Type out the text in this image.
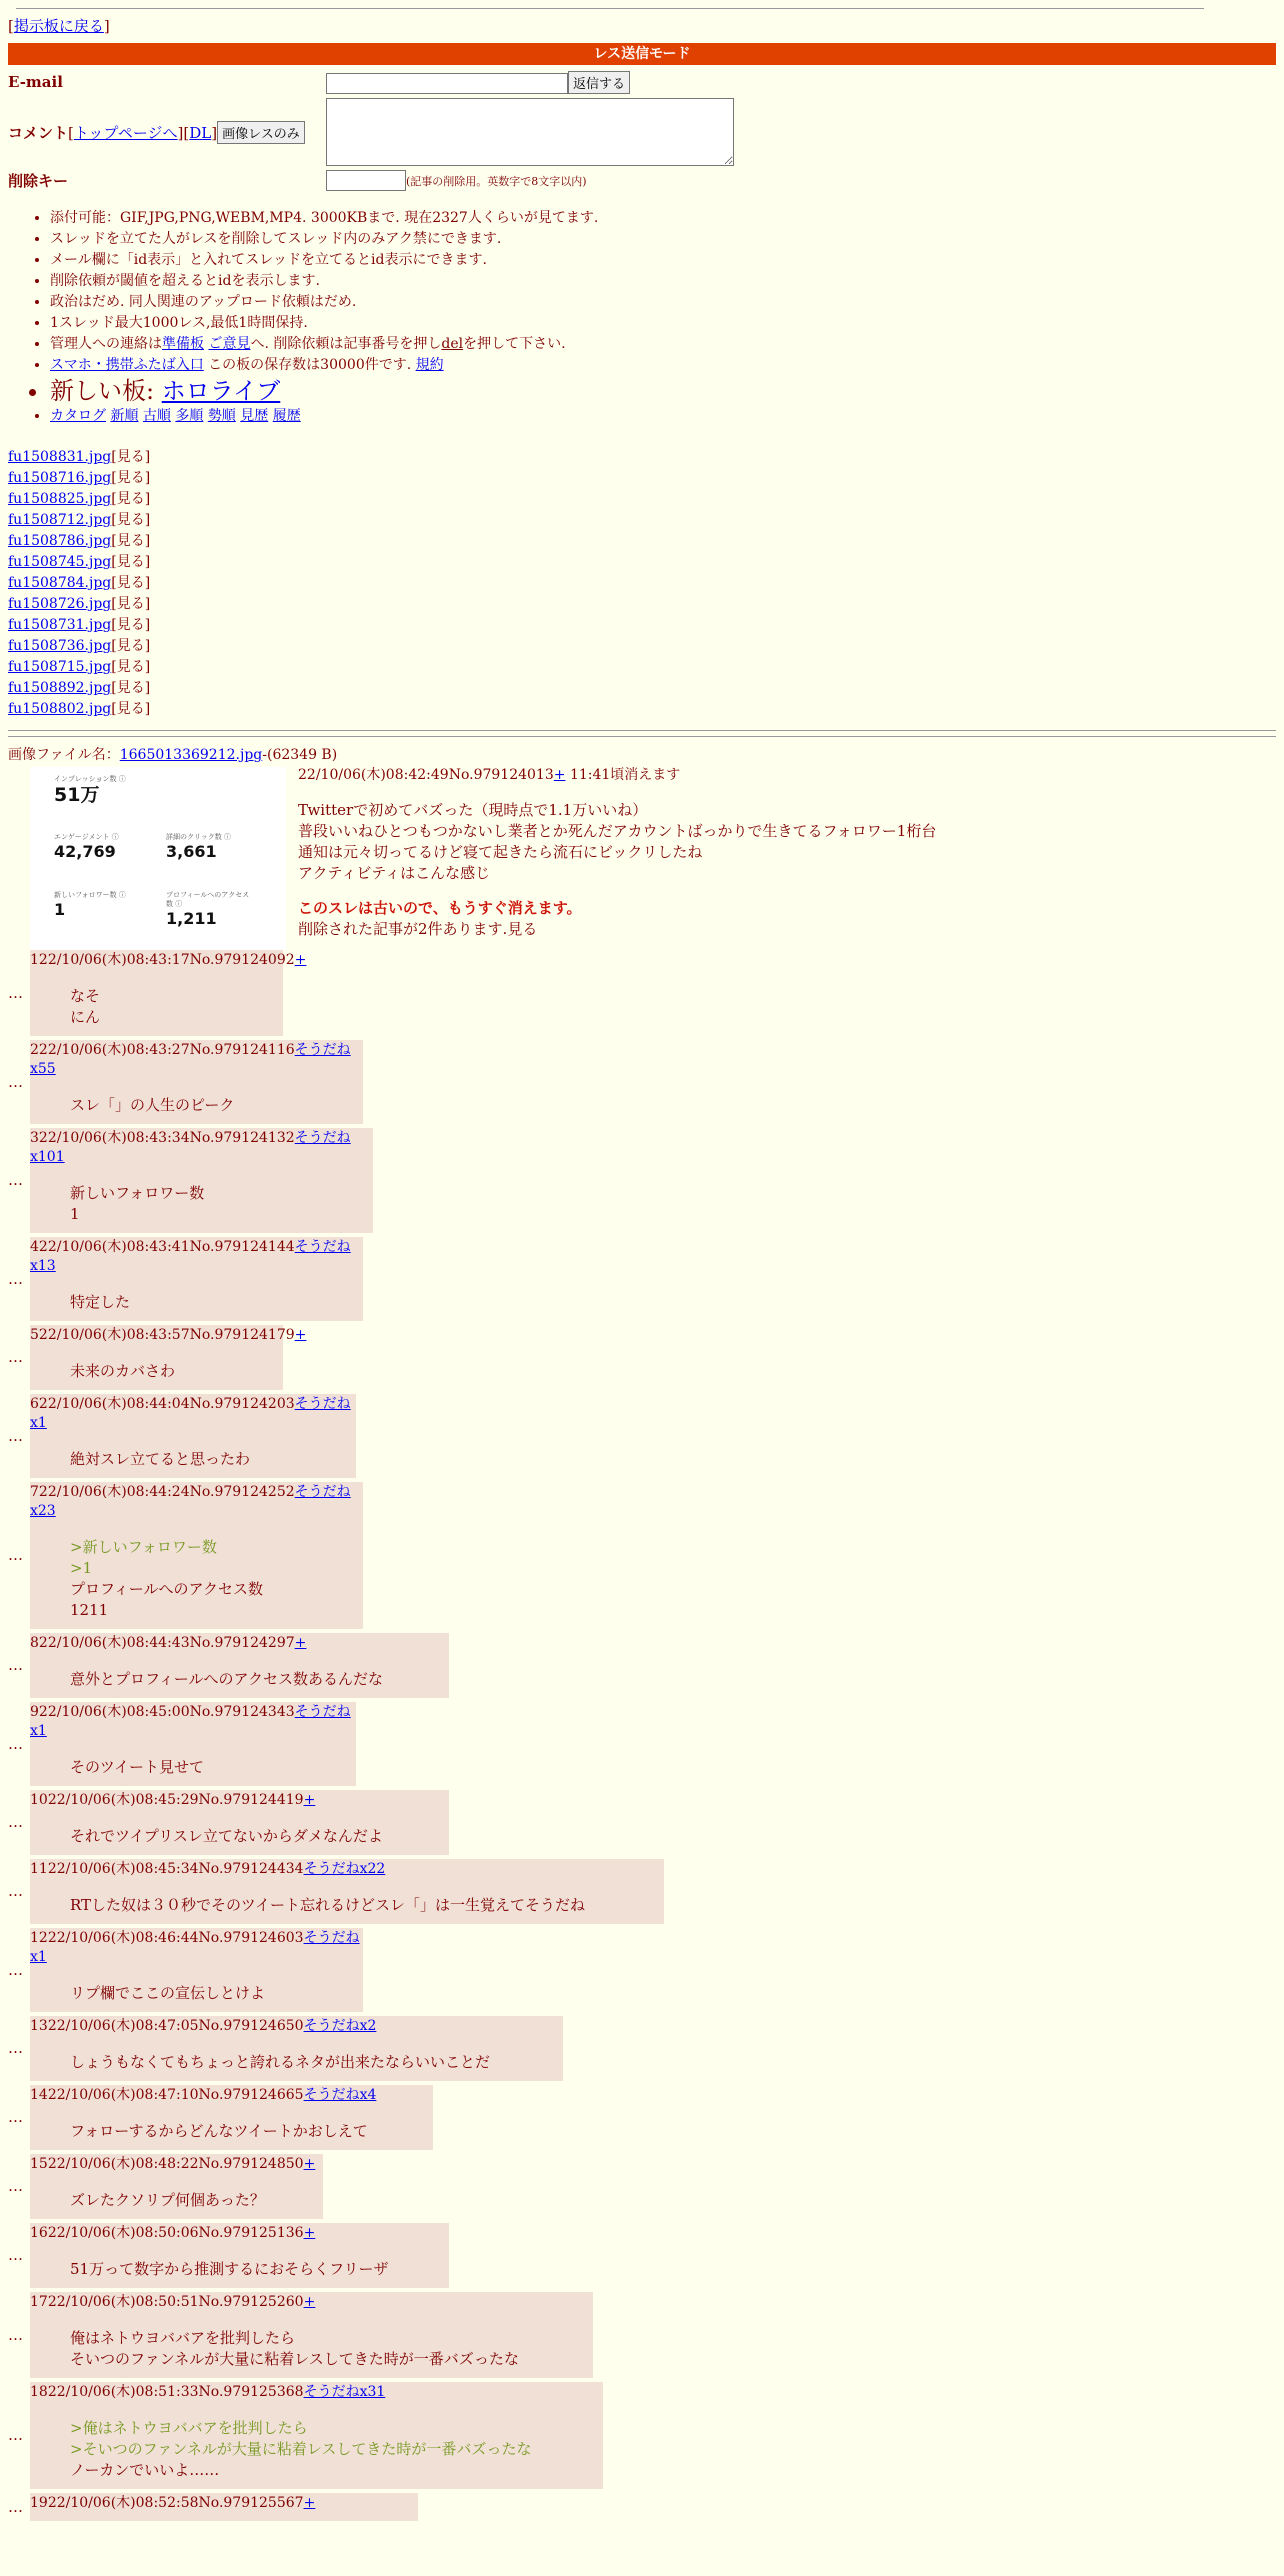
[掲示板に戻る]
レス送信モード
E-mail	返信する
コメント[トップページへ][DL] 画像レスのみ	
削除キー	(記事の削除用。英数字で8文字以内)
• 添付可能：GIF,JPG,PNG,WEBM,MP4. 3000KBまで. 現在2327人くらいが見てます.
• スレッドを立てた人がレスを削除してスレッド内のみアク禁にできます.
• メール欄に「id表示」と入れてスレッドを立てるとid表示にできます.
• 削除依頼が閾値を超えるとidを表示します.
• 政治はだめ. 同人関連のアップロード依頼はだめ.
• 1スレッド最大1000レス,最低1時間保持.
• 管理人への連絡は準備板 ご意見へ. 削除依頼は記事番号を押しdelを押して下さい.
• スマホ・携帯ふたば入口 この板の保存数は30000件です. 規約
• 新しい板: ホロライブ
• カタログ 新順 古順 多順 勢順 見歴 履歴
fu1508831.jpg[見る]
fu1508716.jpg[見る]
fu1508825.jpg[見る]
fu1508712.jpg[見る]
fu1508786.jpg[見る]
fu1508745.jpg[見る]
fu1508784.jpg[見る]
fu1508726.jpg[見る]
fu1508731.jpg[見る]
fu1508736.jpg[見る]
fu1508715.jpg[見る]
fu1508892.jpg[見る]
fu1508802.jpg[見る]
画像ファイル名：1665013369212.jpg-(62349 B)
インプレッション数 ⓘ
51万
エンゲージメント ⓘ
42,769
詳細のクリック数 ⓘ
3,661
新しいフォロワー数 ⓘ
1
プロフィールへのアクセス数 ⓘ
1,211
22/10/06(木)08:42:49No.979124013+ 11:41頃消えます
Twitterで初めてバズった（現時点で1.1万いいね）
普段いいねひとつもつかないし業者とか死んだアカウントばっかりで生きてるフォロワー1桁台
通知は元々切ってるけど寝て起きたら流石にビックリしたね
アクティビティはこんな感じ
このスレは古いので、もうすぐ消えます。
削除された記事が2件あります.見る
…
122/10/06(木)08:43:17No.979124092+
なそ
にん
…
222/10/06(木)08:43:27No.979124116そうだねx55
スレ「」の人生のピーク
…
322/10/06(木)08:43:34No.979124132そうだねx101
新しいフォロワー数
1
…
422/10/06(木)08:43:41No.979124144そうだねx13
特定した
…
522/10/06(木)08:43:57No.979124179+
未来のカバさわ
…
622/10/06(木)08:44:04No.979124203そうだねx1
絶対スレ立てると思ったわ
…
722/10/06(木)08:44:24No.979124252そうだねx23
>新しいフォロワー数
>1
プロフィールへのアクセス数
1211
…
822/10/06(木)08:44:43No.979124297+
意外とプロフィールへのアクセス数あるんだな
…
922/10/06(木)08:45:00No.979124343そうだねx1
そのツイート見せて
…
1022/10/06(木)08:45:29No.979124419+
それでツイプリスレ立てないからダメなんだよ
…
1122/10/06(木)08:45:34No.979124434そうだねx22
RTした奴は３０秒でそのツイート忘れるけどスレ「」は一生覚えてそうだね
…
1222/10/06(木)08:46:44No.979124603そうだねx1
リプ欄でここの宣伝しとけよ
…
1322/10/06(木)08:47:05No.979124650そうだねx2
しょうもなくてもちょっと誇れるネタが出来たならいいことだ
…
1422/10/06(木)08:47:10No.979124665そうだねx4
フォローするからどんなツイートかおしえて
…
1522/10/06(木)08:48:22No.979124850+
ズレたクソリプ何個あった？
…
1622/10/06(木)08:50:06No.979125136+
51万って数字から推測するにおそらくフリーザ
…
1722/10/06(木)08:50:51No.979125260+
俺はネトウヨババアを批判したら
そいつのファンネルが大量に粘着レスしてきた時が一番バズったな
…
1822/10/06(木)08:51:33No.979125368そうだねx31
>俺はネトウヨババアを批判したら
>そいつのファンネルが大量に粘着レスしてきた時が一番バズったな
ノーカンでいいよ……
… 1922/10/06(木)08:52:58No.979125567+
